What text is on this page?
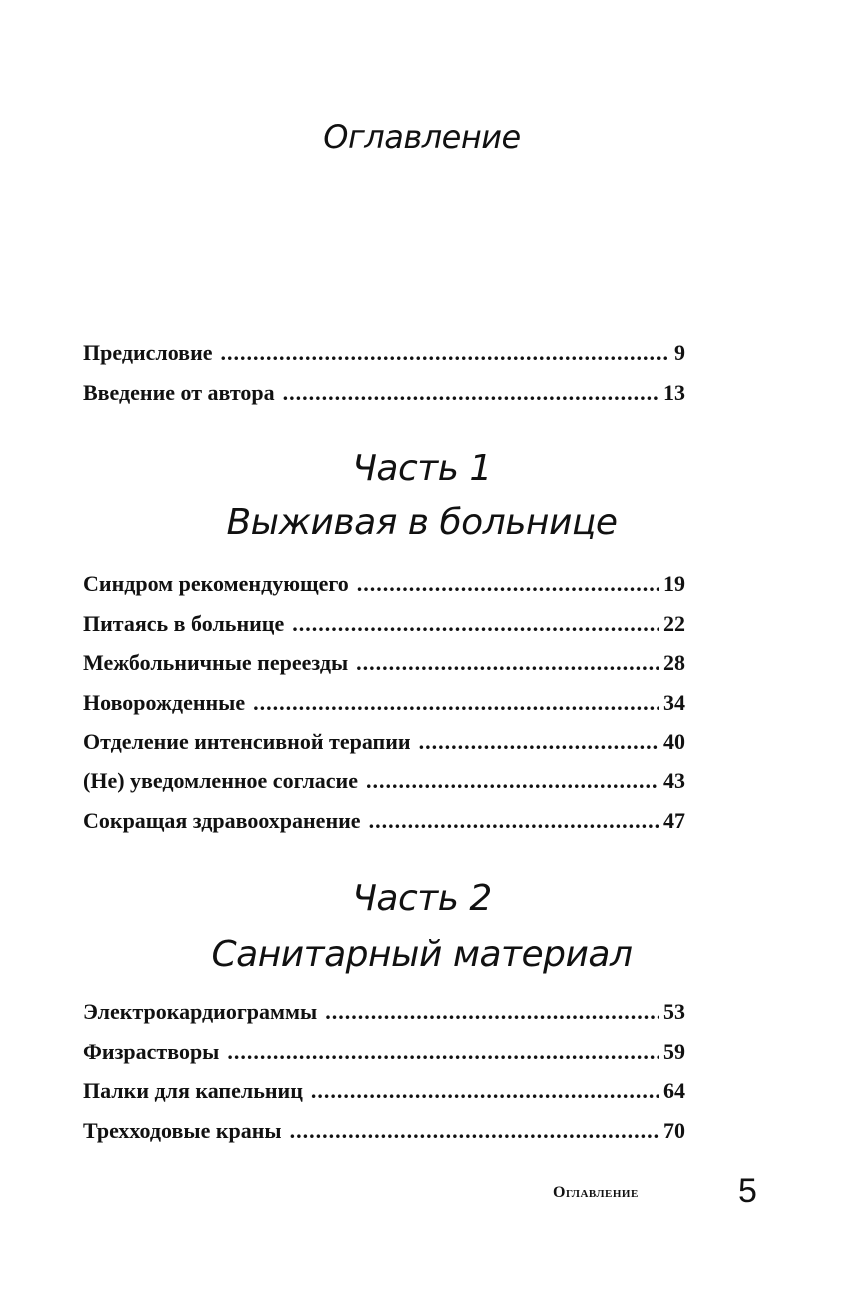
Оглавление
Предисловие .....	9
Введение от автора .....	13
Часть 1
Выживая в больнице
Синдром рекомендующего .....	19
Питаясь в больнице .....	22
Межбольничные переезды .....	28
Новорожденные .....	34
Отделение интенсивной терапии .....	40
(Не) уведомленное согласие .....	43
Сокращая здравоохранение .....	47
Часть 2
Санитарный материал
Электрокардиограммы .....	53
Физрастворы .....	59
Палки для капельниц .....	64
Трехходовые краны .....	70
Оглавление	5
